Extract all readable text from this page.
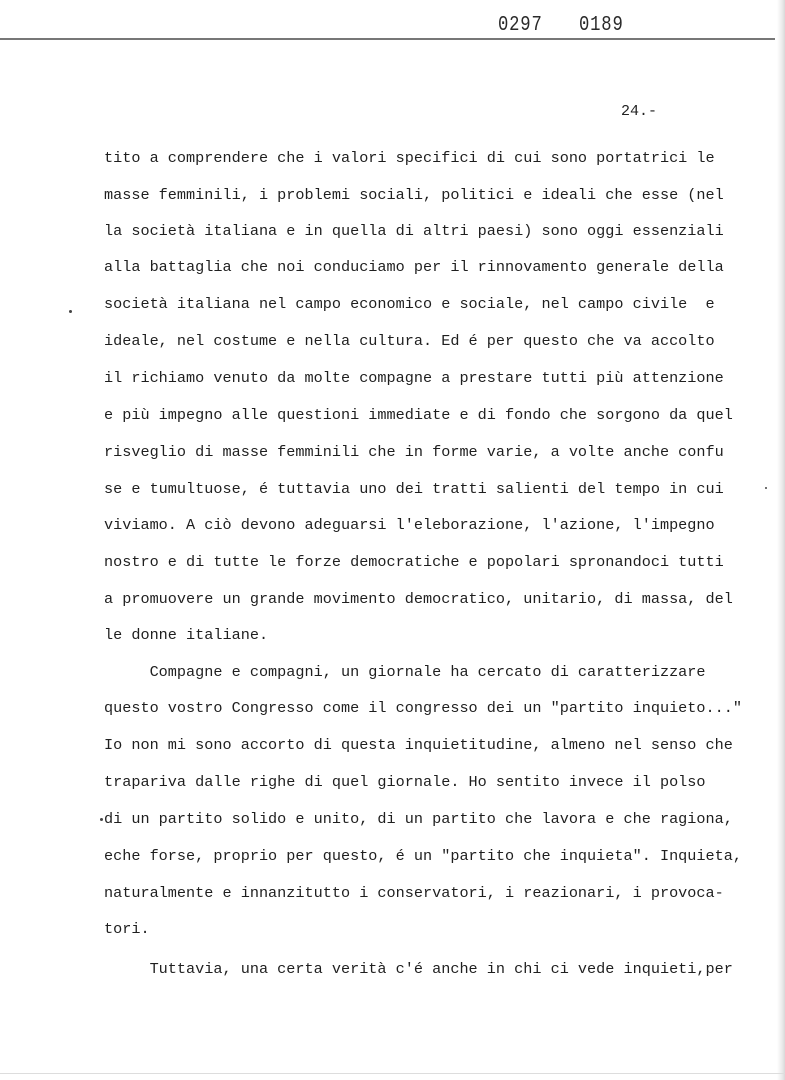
0297 0189
24.-
tito a comprendere che i valori specifici di cui sono portatrici le
masse femminili, i problemi sociali, politici e ideali che esse (nel
la società italiana e in quella di altri paesi) sono oggi essenziali
alla battaglia che noi conduciamo per il rinnovamento generale della
società italiana nel campo economico e sociale, nel campo civile  e
ideale, nel costume e nella cultura. Ed é per questo che va accolto
il richiamo venuto da molte compagne a prestare tutti più attenzione
e più impegno alle questioni immediate e di fondo che sorgono da quel
risveglio di masse femminili che in forme varie, a volte anche confu
se e tumultuose, é tuttavia uno dei tratti salienti del tempo in cui
viviamo. A ciò devono adeguarsi l'eleborazione, l'azione, l'impegno
nostro e di tutte le forze democratiche e popolari spronandoci tutti
a promuovere un grande movimento democratico, unitario, di massa, del
le donne italiane.
Compagne e compagni, un giornale ha cercato di caratterizzare
questo vostro Congresso come il congresso dei un "partito inquieto..."
Io non mi sono accorto di questa inquietitudine, almeno nel senso che
trapariva dalle righe di quel giornale. Ho sentito invece il polso
di un partito solido e unito, di un partito che lavora e che ragiona,
eche forse, proprio per questo, é un "partito che inquieta". Inquieta,
naturalmente e innanzitutto i conservatori, i reazionari, i provoca-
tori.
Tuttavia, una certa verità c'é anche in chi ci vede inquieti,per
